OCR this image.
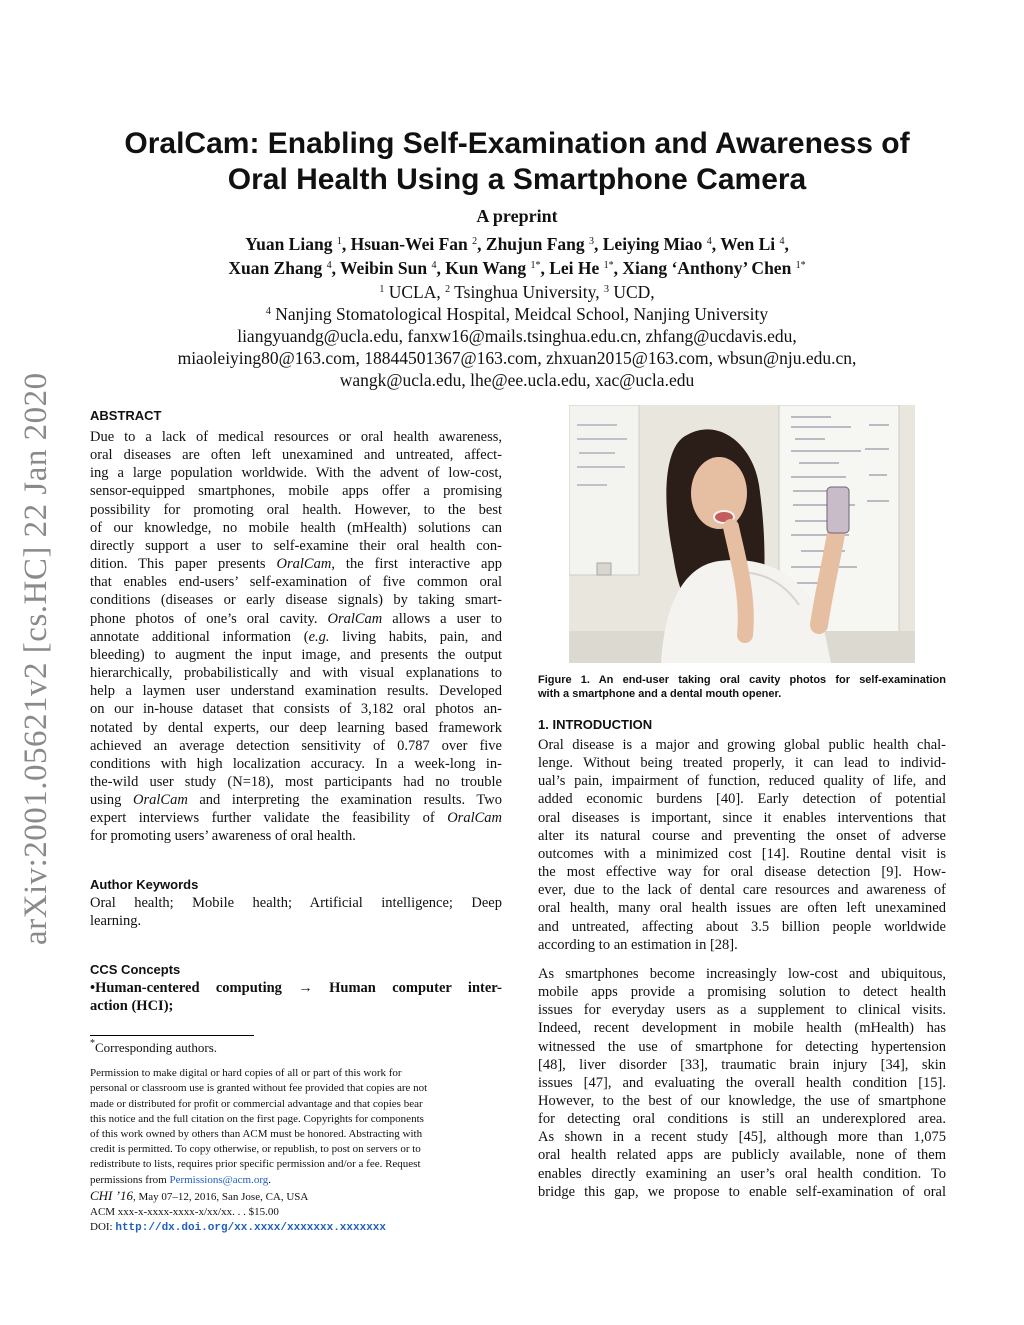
arXiv:2001.05621v2 [cs.HC] 22 Jan 2020
OralCam: Enabling Self-Examination and Awareness of
Oral Health Using a Smartphone Camera
A preprint
Yuan Liang $^1$, Hsuan-Wei Fan $^2$, Zhujun Fang $^3$, Leiying Miao $^4$, Wen Li $^4$,
Xuan Zhang $^4$, Weibin Sun $^4$, Kun Wang $^{1*}$, Lei He $^{1*}$, Xiang ‘Anthony’ Chen $^{1*}$
$^1$ UCLA, $^2$ Tsinghua University, $^3$ UCD,
$^4$ Nanjing Stomatological Hospital, Meidcal School, Nanjing University
liangyuandg@ucla.edu, fanxw16@mails.tsinghua.edu.cn, zhfang@ucdavis.edu,
miaoleiying80@163.com, 18844501367@163.com, zhxuan2015@163.com, wbsun@nju.edu.cn,
wangk@ucla.edu, lhe@ee.ucla.edu, xac@ucla.edu
ABSTRACT
Due to a lack of medical resources or oral health awareness,
oral diseases are often left unexamined and untreated, affect-
ing a large population worldwide. With the advent of low-cost,
sensor-equipped smartphones, mobile apps offer a promising
possibility for promoting oral health. However, to the best
of our knowledge, no mobile health (mHealth) solutions can
directly support a user to self-examine their oral health con-
dition. This paper presents OralCam, the first interactive app
that enables end-users’ self-examination of five common oral
conditions (diseases or early disease signals) by taking smart-
phone photos of one’s oral cavity. OralCam allows a user to
annotate additional information (e.g. living habits, pain, and
bleeding) to augment the input image, and presents the output
hierarchically, probabilistically and with visual explanations to
help a laymen user understand examination results. Developed
on our in-house dataset that consists of 3,182 oral photos an-
notated by dental experts, our deep learning based framework
achieved an average detection sensitivity of 0.787 over five
conditions with high localization accuracy. In a week-long in-
the-wild user study (N=18), most participants had no trouble
using OralCam and interpreting the examination results. Two
expert interviews further validate the feasibility of OralCam
for promoting users’ awareness of oral health.
Author Keywords
Oral health; Mobile health; Artificial intelligence; Deep
learning.
CCS Concepts
•Human-centered computing → Human computer inter-
action (HCI);
*Corresponding authors.
Permission to make digital or hard copies of all or part of this work for
personal or classroom use is granted without fee provided that copies are not
made or distributed for profit or commercial advantage and that copies bear
this notice and the full citation on the first page. Copyrights for components
of this work owned by others than ACM must be honored. Abstracting with
credit is permitted. To copy otherwise, or republish, to post on servers or to
redistribute to lists, requires prior specific permission and/or a fee. Request
permissions from Permissions@acm.org.
CHI ’16, May 07–12, 2016, San Jose, CA, USA
ACM xxx-x-xxxx-xxxx-x/xx/xx. . . $15.00
DOI: http://dx.doi.org/xx.xxxx/xxxxxxx.xxxxxxx
Figure 1. An end-user taking oral cavity photos for self-examination
with a smartphone and a dental mouth opener.
1. INTRODUCTION
Oral disease is a major and growing global public health chal-
lenge. Without being treated properly, it can lead to individ-
ual’s pain, impairment of function, reduced quality of life, and
added economic burdens [40]. Early detection of potential
oral diseases is important, since it enables interventions that
alter its natural course and preventing the onset of adverse
outcomes with a minimized cost [14]. Routine dental visit is
the most effective way for oral disease detection [9]. How-
ever, due to the lack of dental care resources and awareness of
oral health, many oral health issues are often left unexamined
and untreated, affecting about 3.5 billion people worldwide
according to an estimation in [28].
As smartphones become increasingly low-cost and ubiquitous,
mobile apps provide a promising solution to detect health
issues for everyday users as a supplement to clinical visits.
Indeed, recent development in mobile health (mHealth) has
witnessed the use of smartphone for detecting hypertension
[48], liver disorder [33], traumatic brain injury [34], skin
issues [47], and evaluating the overall health condition [15].
However, to the best of our knowledge, the use of smartphone
for detecting oral conditions is still an underexplored area.
As shown in a recent study [45], although more than 1,075
oral health related apps are publicly available, none of them
enables directly examining an user’s oral health condition. To
bridge this gap, we propose to enable self-examination of oral
